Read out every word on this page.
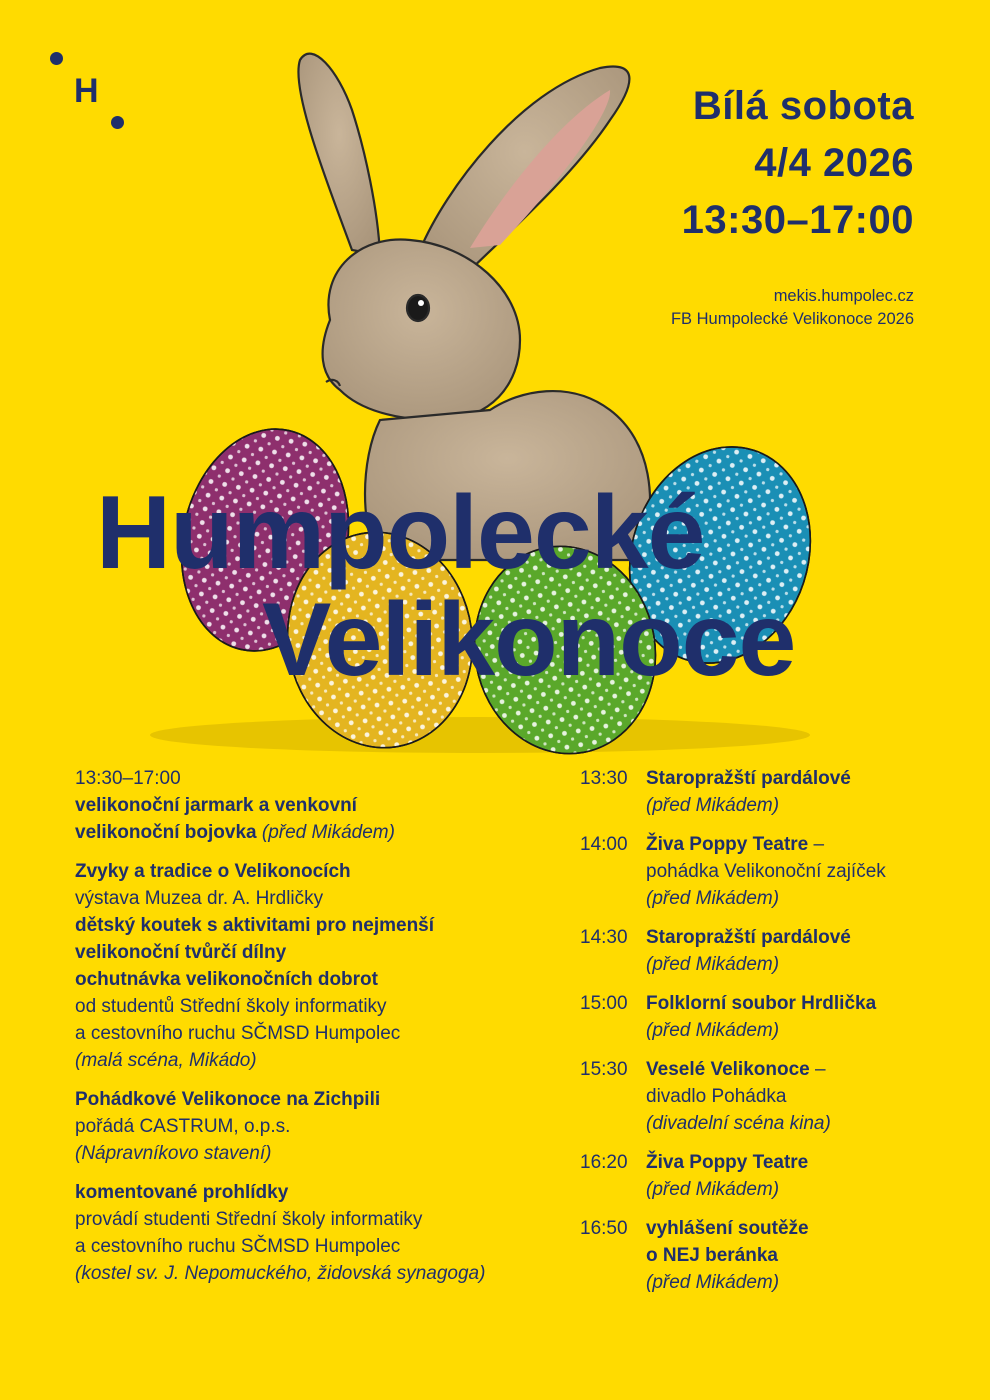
H	Bílá sobota
4/4 2026
13:30–17:00
mekis.humpolec.cz
FB Humpolecké Velikonoce 2026
Humpolecké
Velikonoce
13:30–17:00
velikonoční jarmark a venkovní
velikonoční bojovka (před Mikádem)
Zvyky a tradice o Velikonocích
výstava Muzea dr. A. Hrdličky
dětský koutek s aktivitami pro nejmenší
velikonoční tvůrčí dílny
ochutnávka velikonočních dobrot
od studentů Střední školy informatiky
a cestovního ruchu SČMSD Humpolec
(malá scéna, Mikádo)
Pohádkové Velikonoce na Zichpili
pořádá CASTRUM, o.p.s.
(Nápravníkovo stavení)
komentované prohlídky
provádí studenti Střední školy informatiky
a cestovního ruchu SČMSD Humpolec
(kostel sv. J. Nepomuckého, židovská synagoga)
13:30 Staropražští pardálové
(před Mikádem)
14:00 Živa Poppy Teatre –
pohádka Velikonoční zajíček
(před Mikádem)
14:30 Staropražští pardálové
(před Mikádem)
15:00 Folklorní soubor Hrdlička
(před Mikádem)
15:30 Veselé Velikonoce –
divadlo Pohádka
(divadelní scéna kina)
16:20 Živa Poppy Teatre
(před Mikádem)
16:50 vyhlášení soutěže
o NEJ beránka
(před Mikádem)
